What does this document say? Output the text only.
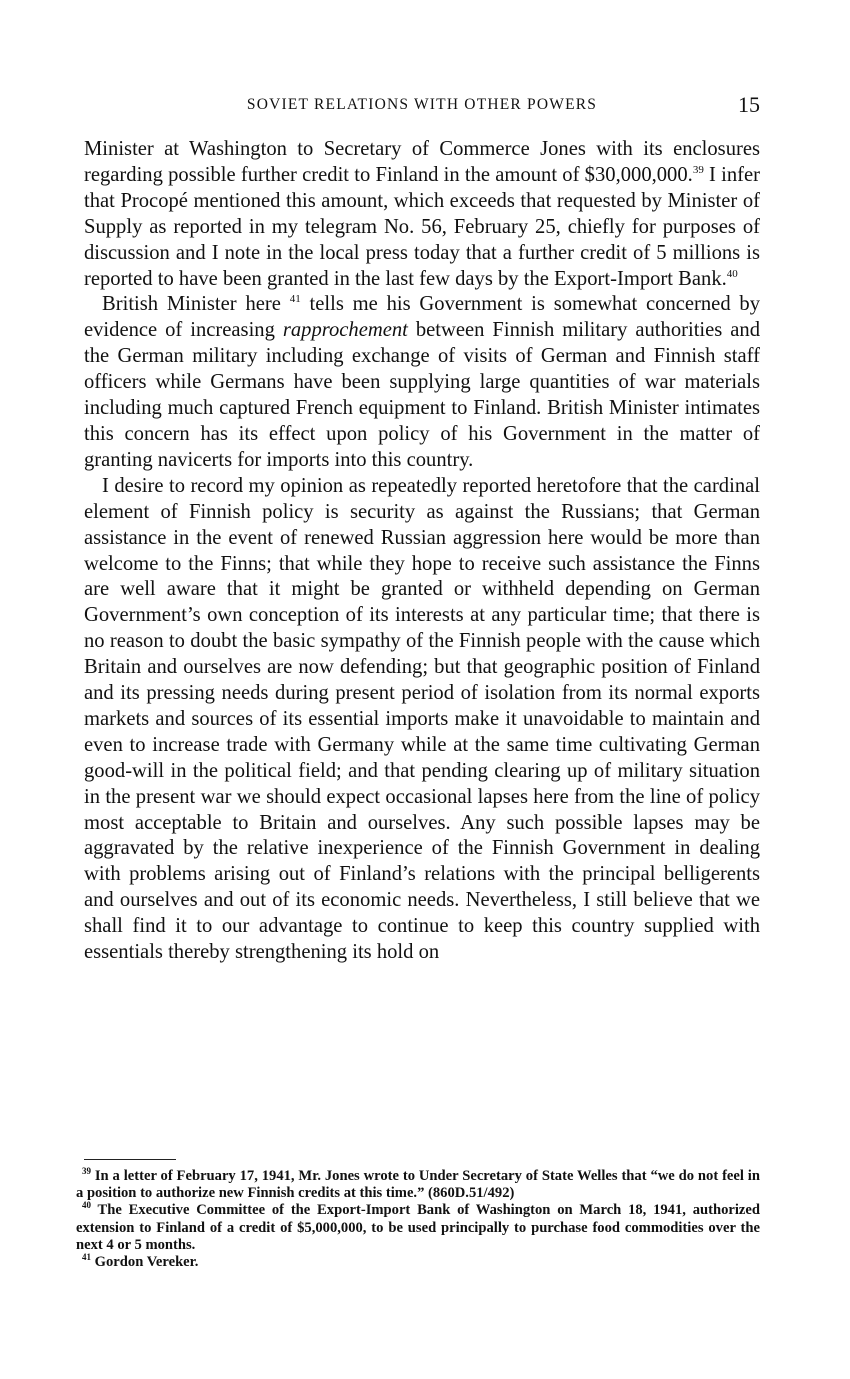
SOVIET RELATIONS WITH OTHER POWERS	15

Minister at Washington to Secretary of Commerce Jones with its enclosures regarding possible further credit to Finland in the amount of $30,000,000.39 I infer that Procopé mentioned this amount, which exceeds that requested by Minister of Supply as reported in my telegram No. 56, February 25, chiefly for purposes of discussion and I note in the local press today that a further credit of 5 millions is reported to have been granted in the last few days by the Export-Import Bank.$^{40}$

British Minister here $^{41}$ tells me his Government is somewhat concerned by evidence of increasing rapprochement between Finnish military authorities and the German military including exchange of visits of German and Finnish staff officers while Germans have been supplying large quantities of war materials including much captured French equipment to Finland. British Minister intimates this concern has its effect upon policy of his Government in the matter of granting navicerts for imports into this country.

I desire to record my opinion as repeatedly reported heretofore that the cardinal element of Finnish policy is security as against the Russians; that German assistance in the event of renewed Russian aggression here would be more than welcome to the Finns; that while they hope to receive such assistance the Finns are well aware that it might be granted or withheld depending on German Government’s own conception of its interests at any particular time; that there is no reason to doubt the basic sympathy of the Finnish people with the cause which Britain and ourselves are now defending; but that geographic position of Finland and its pressing needs during present period of isolation from its normal exports markets and sources of its essential imports make it unavoidable to maintain and even to increase trade with Germany while at the same time cultivating German good-will in the political field; and that pending clearing up of military situation in the present war we should expect occasional lapses here from the line of policy most acceptable to Britain and ourselves. Any such possible lapses may be aggravated by the relative inexperience of the Finnish Government in dealing with problems arising out of Finland’s relations with the principal belligerents and ourselves and out of its economic needs. Nevertheless, I still believe that we shall find it to our advantage to continue to keep this country supplied with essentials thereby strengthening its hold on

$^{39}$ In a letter of February 17, 1941, Mr. Jones wrote to Under Secretary of State Welles that “we do not feel in a position to authorize new Finnish credits at this time.” (860D.51/492)

$^{40}$ The Executive Committee of the Export-Import Bank of Washington on March 18, 1941, authorized extension to Finland of a credit of $5,000,000, to be used principally to purchase food commodities over the next 4 or 5 months.

$^{41}$ Gordon Vereker.
